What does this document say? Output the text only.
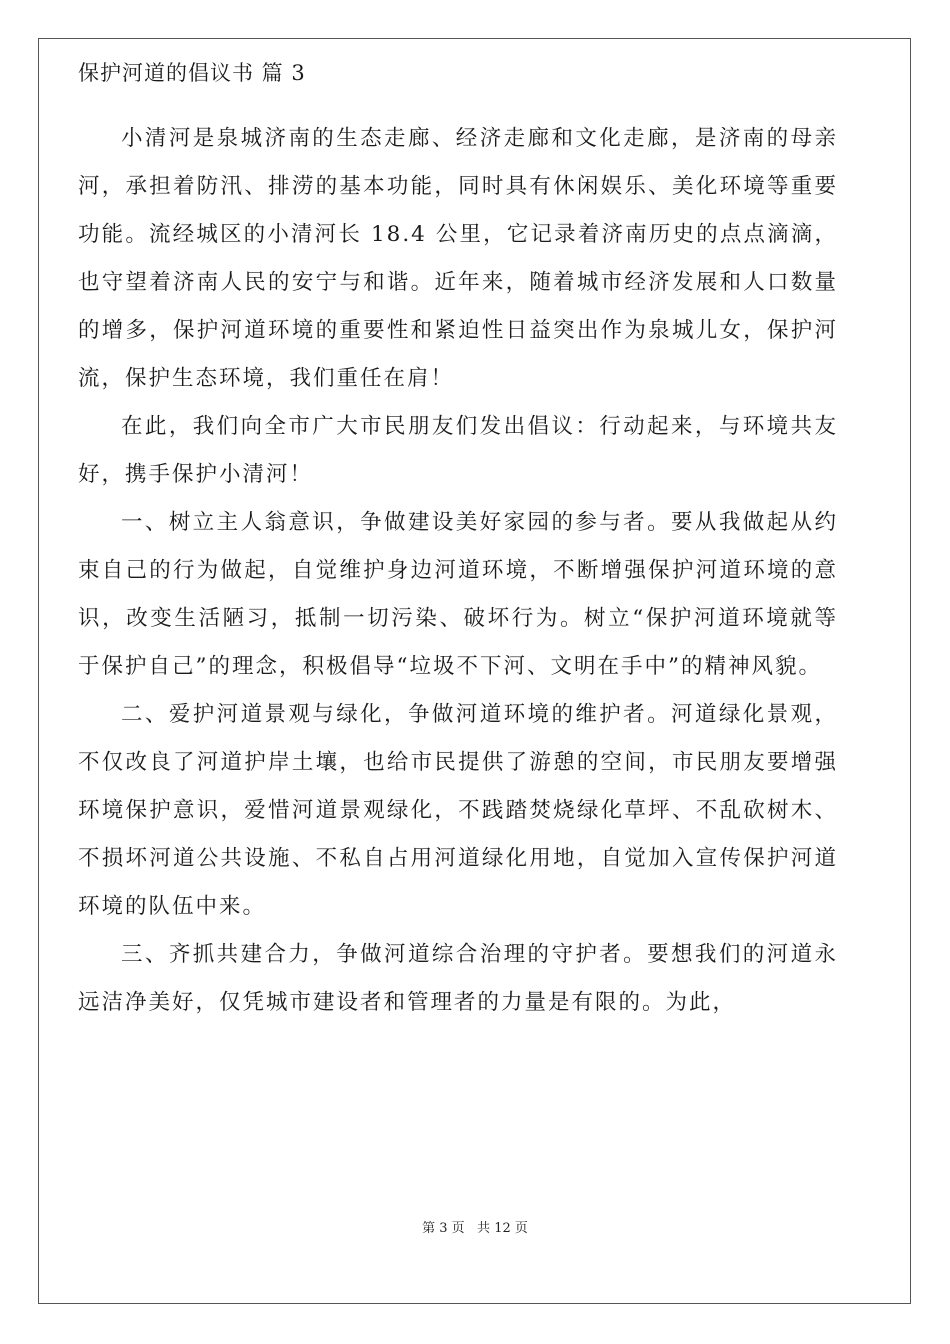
保护河道的倡议书 篇 3

小清河是泉城济南的生态走廊、经济走廊和文化走廊，是济南的母亲河，承担着防汛、排涝的基本功能，同时具有休闲娱乐、美化环境等重要功能。流经城区的小清河长 18.4 公里，它记录着济南历史的点点滴滴，也守望着济南人民的安宁与和谐。近年来，随着城市经济发展和人口数量的增多，保护河道环境的重要性和紧迫性日益突出作为泉城儿女，保护河流，保护生态环境，我们重任在肩！

在此，我们向全市广大市民朋友们发出倡议：行动起来，与环境共友好，携手保护小清河！

一、树立主人翁意识，争做建设美好家园的参与者。要从我做起从约束自己的行为做起，自觉维护身边河道环境，不断增强保护河道环境的意识，改变生活陋习，抵制一切污染、破坏行为。树立“保护河道环境就等于保护自己”的理念，积极倡导“垃圾不下河、文明在手中”的精神风貌。

二、爱护河道景观与绿化，争做河道环境的维护者。河道绿化景观，不仅改良了河道护岸土壤，也给市民提供了游憩的空间，市民朋友要增强环境保护意识，爱惜河道景观绿化，不践踏焚烧绿化草坪、不乱砍树木、不损坏河道公共设施、不私自占用河道绿化用地，自觉加入宣传保护河道环境的队伍中来。

三、齐抓共建合力，争做河道综合治理的守护者。要想我们的河道永远洁净美好，仅凭城市建设者和管理者的力量是有限的。为此，

第 3 页   共 12 页
